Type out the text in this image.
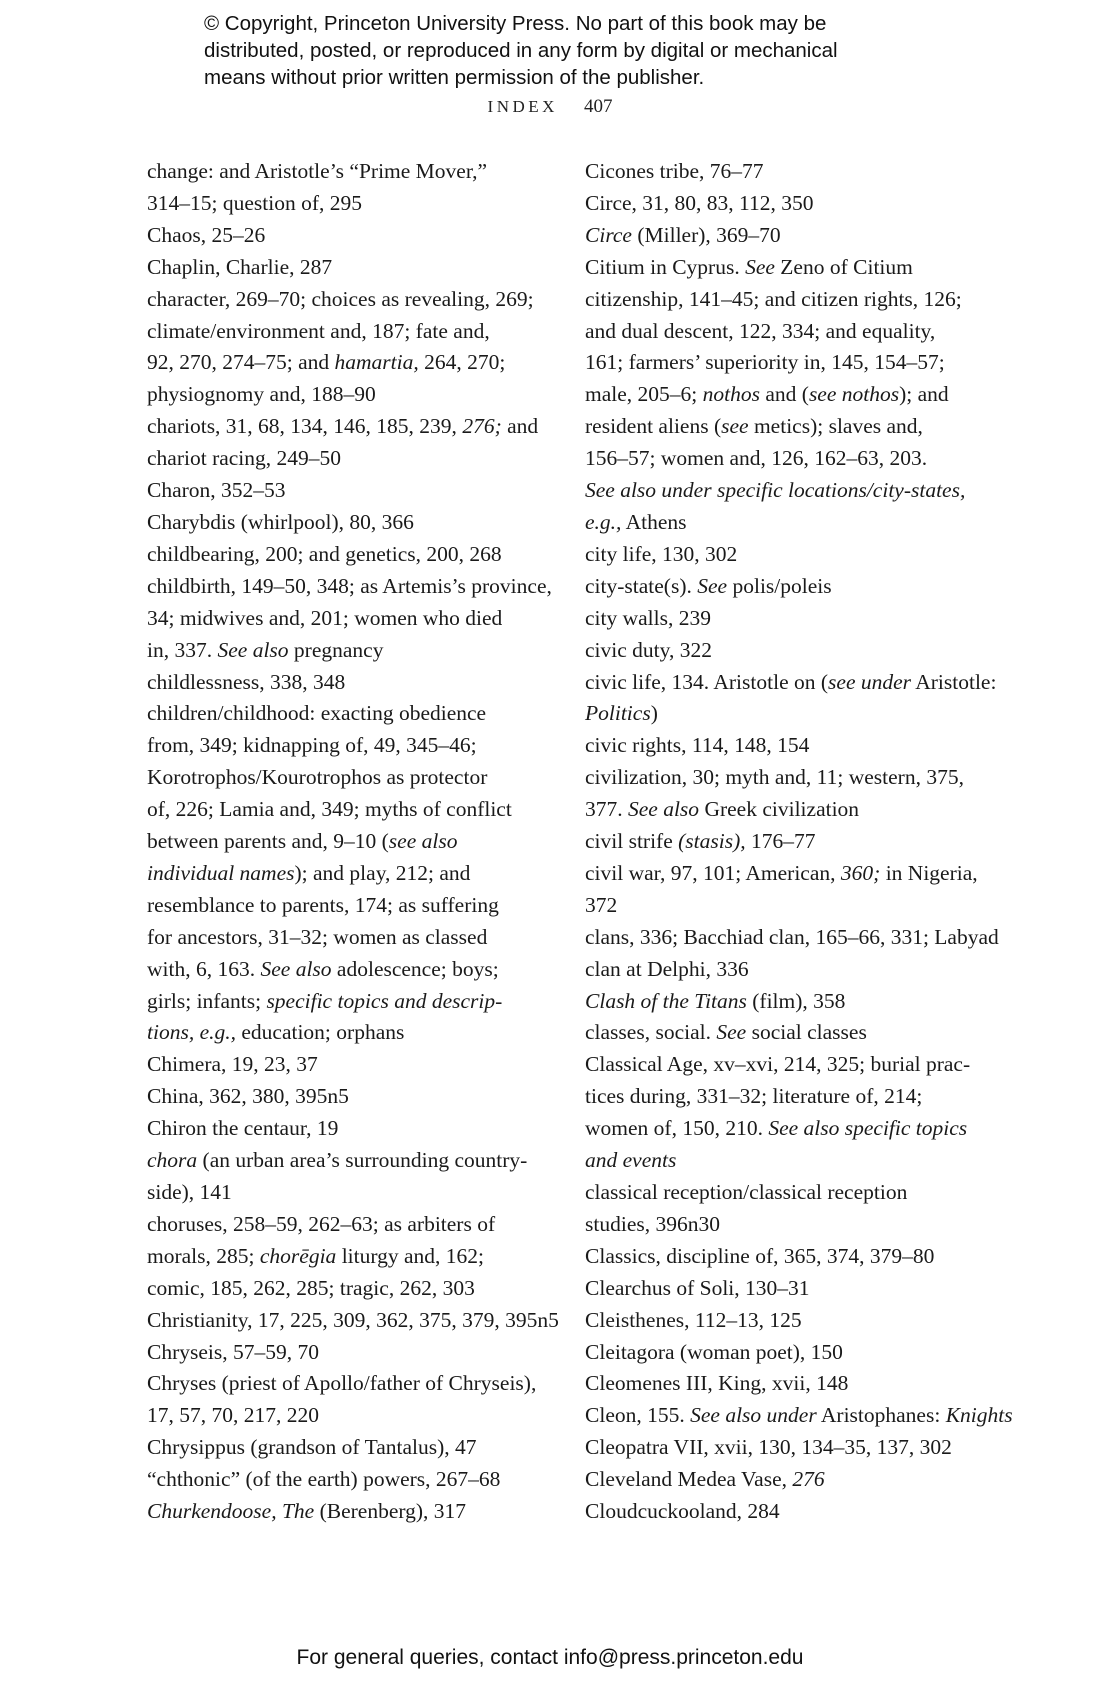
© Copyright, Princeton University Press. No part of this book may be
distributed, posted, or reproduced in any form by digital or mechanical
means without prior written permission of the publisher.
INDEX 407
change: and Aristotle’s “Prime Mover,”
314–15; question of, 295
Chaos, 25–26
Chaplin, Charlie, 287
character, 269–70; choices as revealing, 269;
climate/environment and, 187; fate and,
92, 270, 274–75; and hamartia, 264, 270;
physiognomy and, 188–90
chariots, 31, 68, 134, 146, 185, 239, 276; and
chariot racing, 249–50
Charon, 352–53
Charybdis (whirlpool), 80, 366
childbearing, 200; and genetics, 200, 268
childbirth, 149–50, 348; as Artemis’s province,
34; midwives and, 201; women who died
in, 337. See also pregnancy
childlessness, 338, 348
children/childhood: exacting obedience
from, 349; kidnapping of, 49, 345–46;
Korotrophos/Kourotrophos as protector
of, 226; Lamia and, 349; myths of conflict
between parents and, 9–10 (see also
individual names); and play, 212; and
resemblance to parents, 174; as suffering
for ancestors, 31–32; women as classed
with, 6, 163. See also adolescence; boys;
girls; infants; specific topics and descrip-
tions, e.g., education; orphans
Chimera, 19, 23, 37
China, 362, 380, 395n5
Chiron the centaur, 19
chora (an urban area’s surrounding country-
side), 141
choruses, 258–59, 262–63; as arbiters of
morals, 285; chorēgia liturgy and, 162;
comic, 185, 262, 285; tragic, 262, 303
Christianity, 17, 225, 309, 362, 375, 379, 395n5
Chryseis, 57–59, 70
Chryses (priest of Apollo/father of Chryseis),
17, 57, 70, 217, 220
Chrysippus (grandson of Tantalus), 47
“chthonic” (of the earth) powers, 267–68
Churkendoose, The (Berenberg), 317
Cicones tribe, 76–77
Circe, 31, 80, 83, 112, 350
Circe (Miller), 369–70
Citium in Cyprus. See Zeno of Citium
citizenship, 141–45; and citizen rights, 126;
and dual descent, 122, 334; and equality,
161; farmers’ superiority in, 145, 154–57;
male, 205–6; nothos and (see nothos); and
resident aliens (see metics); slaves and,
156–57; women and, 126, 162–63, 203.
See also under specific locations/city-states,
e.g., Athens
city life, 130, 302
city-state(s). See polis/poleis
city walls, 239
civic duty, 322
civic life, 134. Aristotle on (see under Aristotle:
Politics)
civic rights, 114, 148, 154
civilization, 30; myth and, 11; western, 375,
377. See also Greek civilization
civil strife (stasis), 176–77
civil war, 97, 101; American, 360; in Nigeria,
372
clans, 336; Bacchiad clan, 165–66, 331; Labyad
clan at Delphi, 336
Clash of the Titans (film), 358
classes, social. See social classes
Classical Age, xv–xvi, 214, 325; burial prac-
tices during, 331–32; literature of, 214;
women of, 150, 210. See also specific topics
and events
classical reception/classical reception
studies, 396n30
Classics, discipline of, 365, 374, 379–80
Clearchus of Soli, 130–31
Cleisthenes, 112–13, 125
Cleitagora (woman poet), 150
Cleomenes III, King, xvii, 148
Cleon, 155. See also under Aristophanes: Knights
Cleopatra VII, xvii, 130, 134–35, 137, 302
Cleveland Medea Vase, 276
Cloudcuckooland, 284
For general queries, contact info@press.princeton.edu
